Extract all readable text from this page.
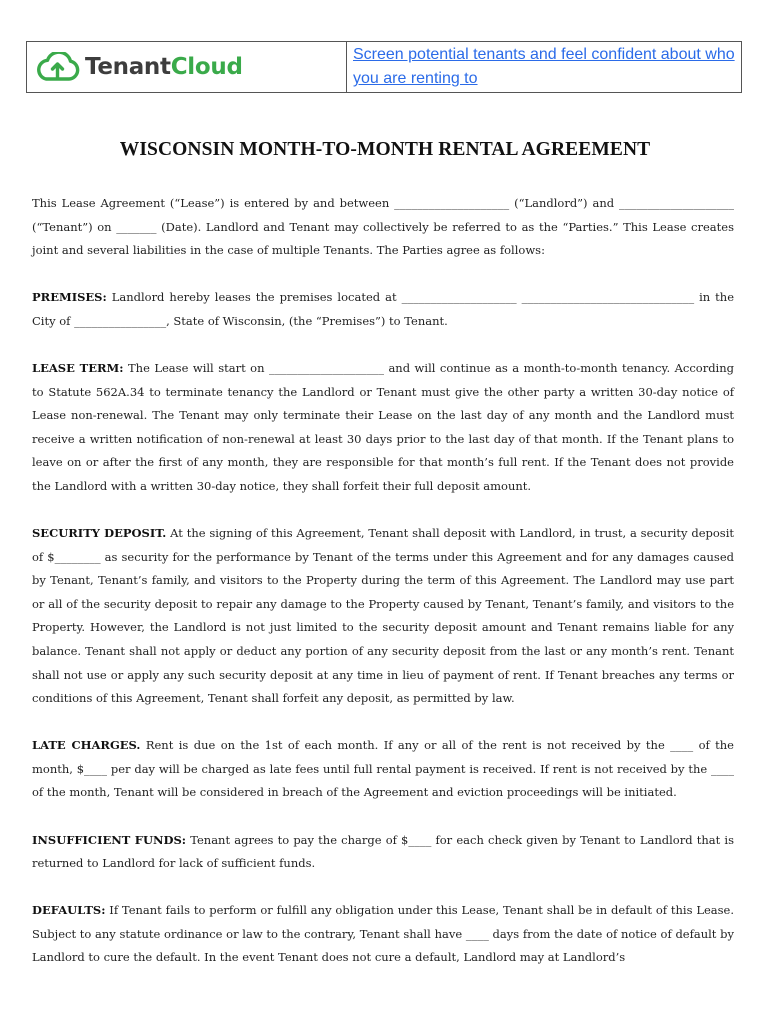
TenantCloud	Screen potential tenants and feel confident about who you are renting to
WISCONSIN MONTH-TO-MONTH RENTAL AGREEMENT

This Lease Agreement (“Lease”) is entered by and between ____________________ (“Landlord”) and ____________________ (“Tenant”) on _______ (Date). Landlord and Tenant may collectively be referred to as the “Parties.” This Lease creates joint and several liabilities in the case of multiple Tenants. The Parties agree as follows:

PREMISES: Landlord hereby leases the premises located at ____________________ ______________________________ in the City of ________________, State of Wisconsin, (the “Premises”) to Tenant.

LEASE TERM: The Lease will start on ____________________ and will continue as a month-to-month tenancy. According to Statute 562A.34 to terminate tenancy the Landlord or Tenant must give the other party a written 30-day notice of Lease non-renewal. The Tenant may only terminate their Lease on the last day of any month and the Landlord must receive a written notification of non-renewal at least 30 days prior to the last day of that month. If the Tenant plans to leave on or after the first of any month, they are responsible for that month’s full rent. If the Tenant does not provide the Landlord with a written 30-day notice, they shall forfeit their full deposit amount.

SECURITY DEPOSIT. At the signing of this Agreement, Tenant shall deposit with Landlord, in trust, a security deposit of $________ as security for the performance by Tenant of the terms under this Agreement and for any damages caused by Tenant, Tenant’s family, and visitors to the Property during the term of this Agreement. The Landlord may use part or all of the security deposit to repair any damage to the Property caused by Tenant, Tenant’s family, and visitors to the Property. However, the Landlord is not just limited to the security deposit amount and Tenant remains liable for any balance. Tenant shall not apply or deduct any portion of any security deposit from the last or any month’s rent. Tenant shall not use or apply any such security deposit at any time in lieu of payment of rent. If Tenant breaches any terms or conditions of this Agreement, Tenant shall forfeit any deposit, as permitted by law.

LATE CHARGES. Rent is due on the 1st of each month. If any or all of the rent is not received by the ____ of the month, $____ per day will be charged as late fees until full rental payment is received. If rent is not received by the ____ of the month, Tenant will be considered in breach of the Agreement and eviction proceedings will be initiated.

INSUFFICIENT FUNDS: Tenant agrees to pay the charge of $____ for each check given by Tenant to Landlord that is returned to Landlord for lack of sufficient funds.

DEFAULTS: If Tenant fails to perform or fulfill any obligation under this Lease, Tenant shall be in default of this Lease. Subject to any statute ordinance or law to the contrary, Tenant shall have ____ days from the date of notice of default by Landlord to cure the default. In the event Tenant does not cure a default, Landlord may at Landlord’s
